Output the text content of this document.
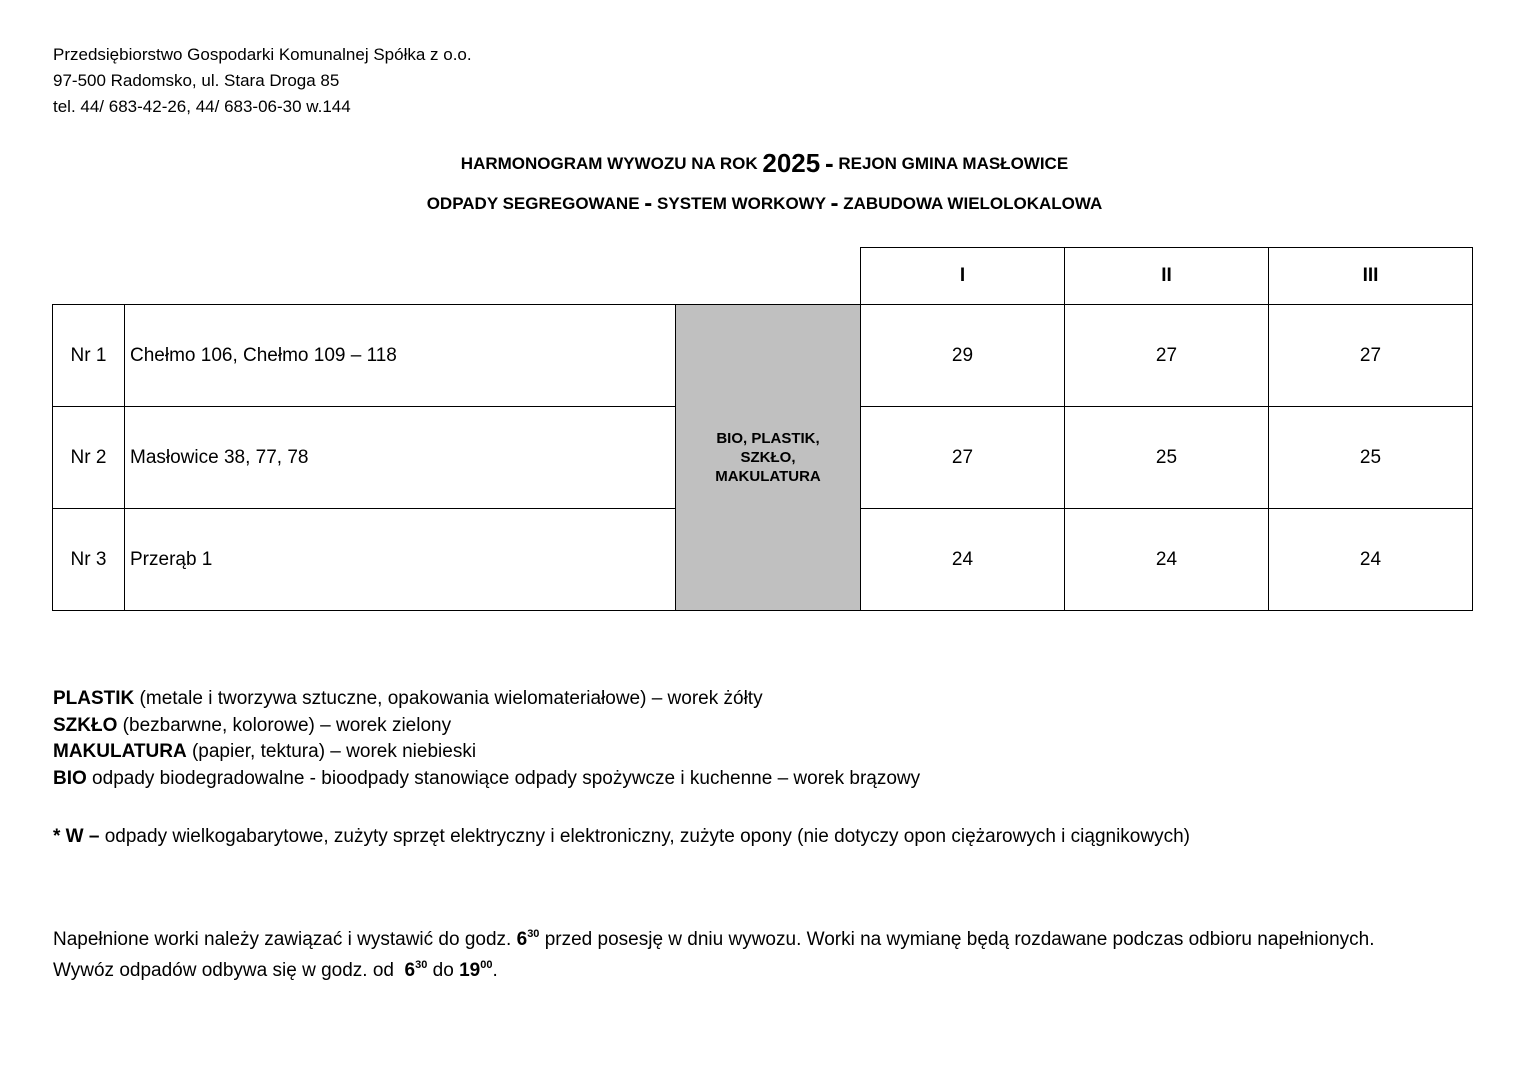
Przedsiębiorstwo Gospodarki Komunalnej Spółka z o.o.
97-500 Radomsko, ul. Stara Droga 85
tel. 44/ 683-42-26, 44/ 683-06-30 w.144
HARMONOGRAM WYWOZU NA ROK 2025 - REJON GMINA MASŁOWICE
ODPADY SEGREGOWANE - SYSTEM WORKOWY - ZABUDOWA WIELOLOKALOWA
			I	II	III
Nr 1	Chełmo 106, Chełmo 109 – 118	BIO, PLASTIK, SZKŁO, MAKULATURA	29	27	27
Nr 2	Masłowice 38, 77, 78		27	25	25
Nr 3	Przerąb 1		24	24	24
PLASTIK (metale i tworzywa sztuczne, opakowania wielomateriałowe) – worek żółty
SZKŁO (bezbarwne, kolorowe) – worek zielony
MAKULATURA (papier, tektura) – worek niebieski
BIO odpady biodegradowalne - bioodpady stanowiące odpady spożywcze i kuchenne – worek brązowy
* W – odpady wielkogabarytowe, zużyty sprzęt elektryczny i elektroniczny, zużyte opony (nie dotyczy opon ciężarowych i ciągnikowych)
Napełnione worki należy zawiązać i wystawić do godz. $6^{30}$ przed posesję w dniu wywozu. Worki na wymianę będą rozdawane podczas odbioru napełnionych.
Wywóz odpadów odbywa się w godz. od  $6^{30}$ do $19^{00}$.
